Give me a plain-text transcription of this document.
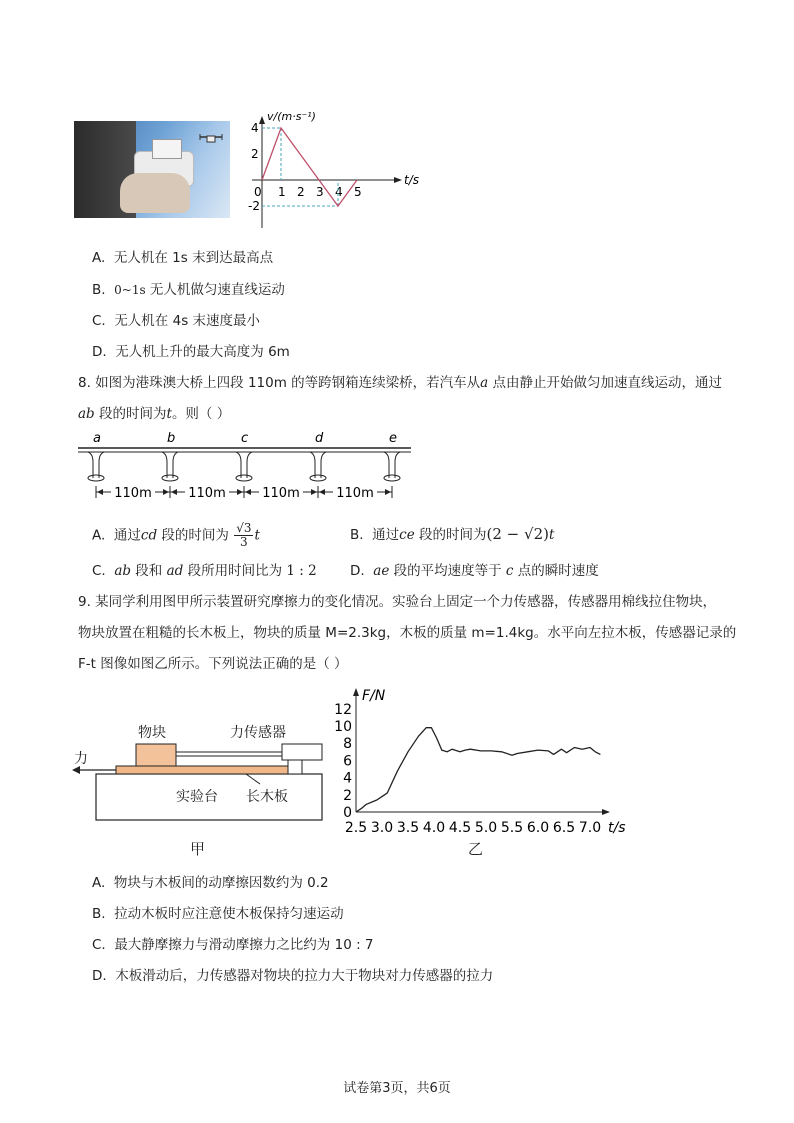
v/(m·s⁻¹)
t/s
0 1 2 3 4 5
4
2
-2
A. 无人机在 1s 末到达最高点
B. 0~1s 无人机做匀速直线运动
C. 无人机在 4s 末速度最小
D. 无人机上升的最大高度为 6m
8. 如图为港珠澳大桥上四段 110m 的等跨钢箱连续梁桥，若汽车从a 点由静止开始做匀加速直线运动，通过
ab 段的时间为t。则（ ）
a	b	c	d	e
110m	110m	110m	110m
A. 通过cd 段的时间为 $\frac{√3}{3}$ t	B. 通过ce 段的时间为(2 − √2)t
C. ab 段和 ad 段所用时间比为 1 : 2 D. ae 段的平均速度等于 c 点的瞬时速度
9. 某同学利用图甲所示装置研究摩擦力的变化情况。实验台上固定一个力传感器，传感器用棉线拉住物块，
物块放置在粗糙的长木板上，物块的质量 M=2.3kg，木板的质量 m=1.4kg。水平向左拉木板，传感器记录的
F-t 图像如图乙所示。下列说法正确的是（ ）
物块	力传感器
力
实验台 长木板
甲
F/N
t/s
0
2
4
6
8
10
12
2.5 3.0 3.5 4.0 4.5 5.0 5.5 6.0 6.5 7.0
乙
A. 物块与木板间的动摩擦因数约为 0.2
B. 拉动木板时应注意使木板保持匀速运动
C. 最大静摩擦力与滑动摩擦力之比约为 10 : 7
D. 木板滑动后，力传感器对物块的拉力大于物块对力传感器的拉力
试卷第3页，共6页
